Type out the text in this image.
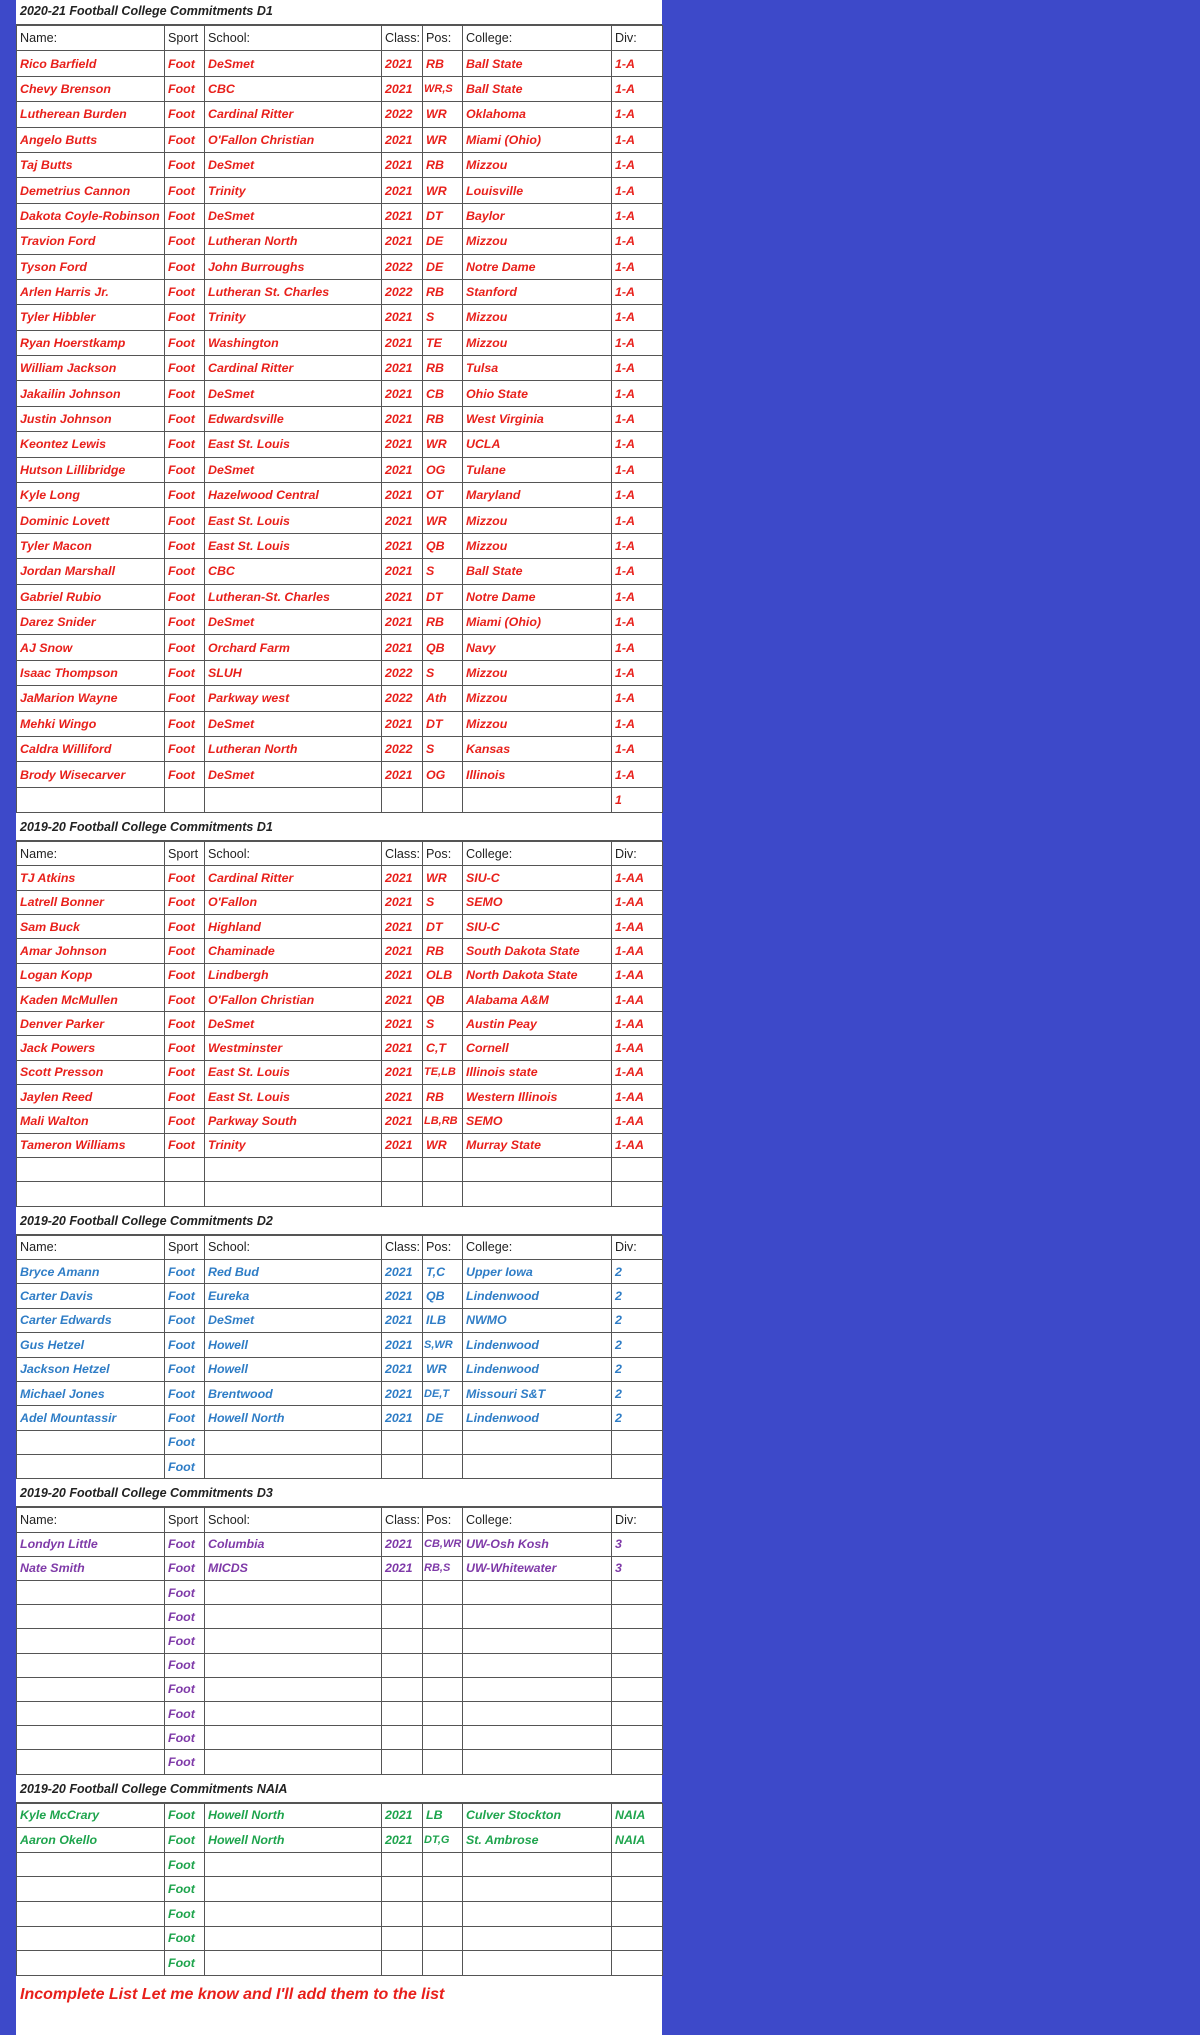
2020-21 Football College Commitments D1
Name:	Sport	School:	Class:	Pos:	College:	Div:
Rico Barfield	Foot	DeSmet	2021	RB	Ball State	1-A
Chevy Brenson	Foot	CBC	2021	WR,S	Ball State	1-A
Lutherean Burden	Foot	Cardinal Ritter	2022	WR	Oklahoma	1-A
Angelo Butts	Foot	O'Fallon Christian	2021	WR	Miami (Ohio)	1-A
Taj Butts	Foot	DeSmet	2021	RB	Mizzou	1-A
Demetrius Cannon	Foot	Trinity	2021	WR	Louisville	1-A
Dakota Coyle-Robinson	Foot	DeSmet	2021	DT	Baylor	1-A
Travion Ford	Foot	Lutheran North	2021	DE	Mizzou	1-A
Tyson Ford	Foot	John Burroughs	2022	DE	Notre Dame	1-A
Arlen Harris Jr.	Foot	Lutheran St. Charles	2022	RB	Stanford	1-A
Tyler Hibbler	Foot	Trinity	2021	S	Mizzou	1-A
Ryan Hoerstkamp	Foot	Washington	2021	TE	Mizzou	1-A
William Jackson	Foot	Cardinal Ritter	2021	RB	Tulsa	1-A
Jakailin Johnson	Foot	DeSmet	2021	CB	Ohio State	1-A
Justin Johnson	Foot	Edwardsville	2021	RB	West Virginia	1-A
Keontez Lewis	Foot	East St. Louis	2021	WR	UCLA	1-A
Hutson Lillibridge	Foot	DeSmet	2021	OG	Tulane	1-A
Kyle Long	Foot	Hazelwood Central	2021	OT	Maryland	1-A
Dominic Lovett	Foot	East St. Louis	2021	WR	Mizzou	1-A
Tyler Macon	Foot	East St. Louis	2021	QB	Mizzou	1-A
Jordan Marshall	Foot	CBC	2021	S	Ball State	1-A
Gabriel Rubio	Foot	Lutheran-St. Charles	2021	DT	Notre Dame	1-A
Darez Snider	Foot	DeSmet	2021	RB	Miami (Ohio)	1-A
AJ Snow	Foot	Orchard Farm	2021	QB	Navy	1-A
Isaac Thompson	Foot	SLUH	2022	S	Mizzou	1-A
JaMarion Wayne	Foot	Parkway west	2022	Ath	Mizzou	1-A
Mehki Wingo	Foot	DeSmet	2021	DT	Mizzou	1-A
Caldra Williford	Foot	Lutheran North	2022	S	Kansas	1-A
Brody Wisecarver	Foot	DeSmet	2021	OG	Illinois	1-A
						1
2019-20 Football College Commitments D1
Name:	Sport	School:	Class:	Pos:	College:	Div:
TJ Atkins	Foot	Cardinal Ritter	2021	WR	SIU-C	1-AA
Latrell Bonner	Foot	O'Fallon	2021	S	SEMO	1-AA
Sam Buck	Foot	Highland	2021	DT	SIU-C	1-AA
Amar Johnson	Foot	Chaminade	2021	RB	South Dakota State	1-AA
Logan Kopp	Foot	Lindbergh	2021	OLB	North Dakota State	1-AA
Kaden McMullen	Foot	O'Fallon Christian	2021	QB	Alabama A&M	1-AA
Denver Parker	Foot	DeSmet	2021	S	Austin Peay	1-AA
Jack Powers	Foot	Westminster	2021	C,T	Cornell	1-AA
Scott Presson	Foot	East St. Louis	2021	TE,LB	Illinois state	1-AA
Jaylen Reed	Foot	East St. Louis	2021	RB	Western Illinois	1-AA
Mali Walton	Foot	Parkway South	2021	LB,RB	SEMO	1-AA
Tameron Williams	Foot	Trinity	2021	WR	Murray State	1-AA

2019-20 Football College Commitments D2
Name:	Sport	School:	Class:	Pos:	College:	Div:
Bryce Amann	Foot	Red Bud	2021	T,C	Upper Iowa	2
Carter Davis	Foot	Eureka	2021	QB	Lindenwood	2
Carter Edwards	Foot	DeSmet	2021	ILB	NWMO	2
Gus Hetzel	Foot	Howell	2021	S,WR	Lindenwood	2
Jackson Hetzel	Foot	Howell	2021	WR	Lindenwood	2
Michael Jones	Foot	Brentwood	2021	DE,T	Missouri S&T	2
Adel Mountassir	Foot	Howell North	2021	DE	Lindenwood	2
	Foot					
	Foot					
2019-20 Football College Commitments D3
Name:	Sport	School:	Class:	Pos:	College:	Div:
Londyn Little	Foot	Columbia	2021	CB,WR	UW-Osh Kosh	3
Nate Smith	Foot	MICDS	2021	RB,S	UW-Whitewater	3
	Foot					
	Foot					
	Foot					
	Foot					
	Foot					
	Foot					
	Foot					
	Foot					
2019-20 Football College Commitments NAIA
Kyle McCrary	Foot	Howell North	2021	LB	Culver Stockton	NAIA
Aaron Okello	Foot	Howell North	2021	DT,G	St. Ambrose	NAIA
	Foot					
	Foot					
	Foot					
	Foot					
	Foot					
Incomplete List Let me know and I'll add them to the list
